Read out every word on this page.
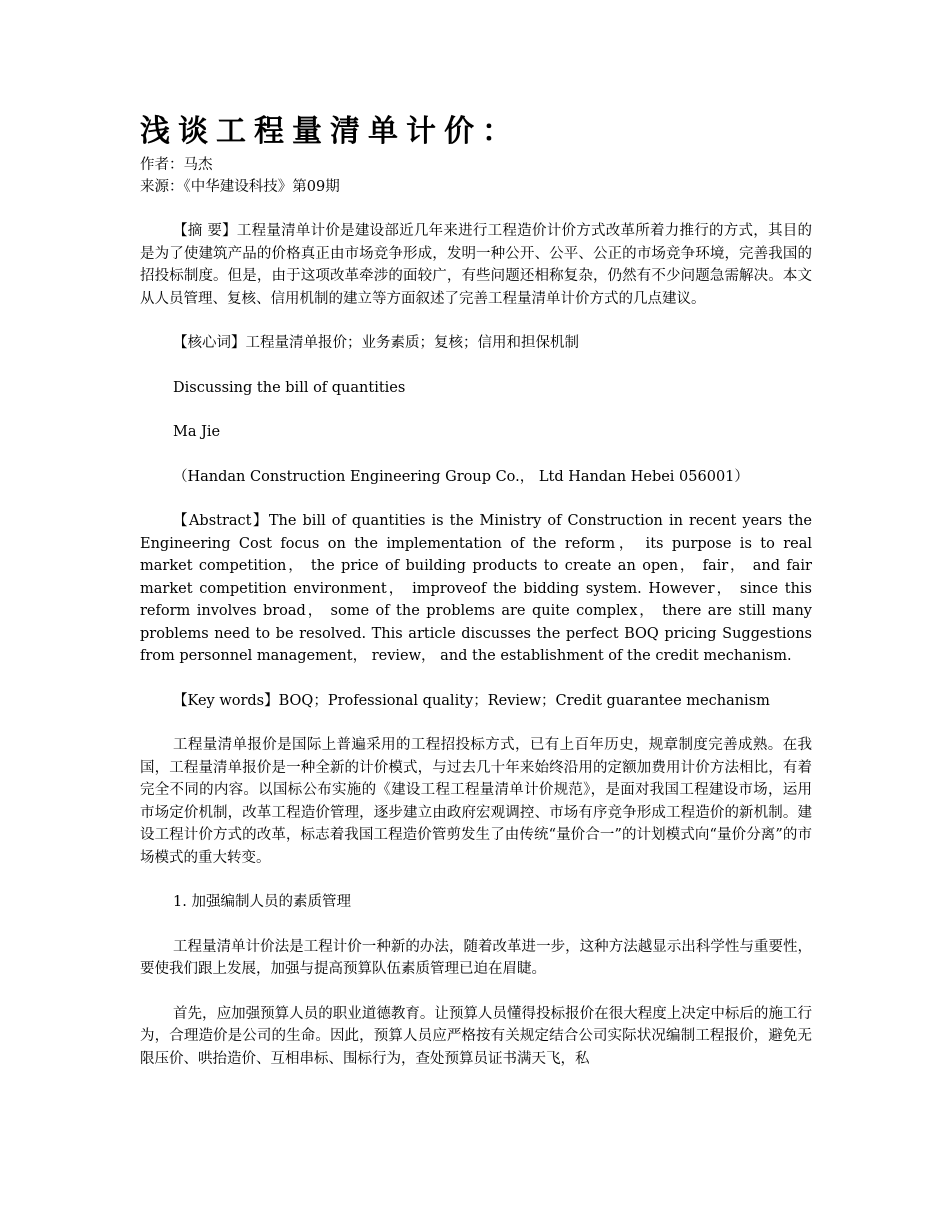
浅谈工程量清单计价：

作者：马杰

来源：《中华建设科技》第09期

【摘 要】工程量清单计价是建设部近几年来进行工程造价计价方式改革所着力推行的方式，其目的是为了使建筑产品的价格真正由市场竞争形成，发明一种公开、公平、公正的市场竞争环境，完善我国的招投标制度。但是，由于这项改革牵涉的面较广，有些问题还相称复杂，仍然有不少问题急需解决。本文从人员管理、复核、信用机制的建立等方面叙述了完善工程量清单计价方式的几点建议。

【核心词】工程量清单报价；业务素质；复核；信用和担保机制

Discussing the bill of quantities

Ma Jie

（Handan Construction Engineering Group Co.， Ltd Handan Hebei 056001）

【Abstract】The bill of quantities is the Ministry of Construction in recent years the Engineering Cost focus on the implementation of the reform， its purpose is to real market competition， the price of building products to create an open， fair， and fair market competition environment， improveof the bidding system. However， since this reform involves broad， some of the problems are quite complex， there are still many problems need to be resolved. This article discusses the perfect BOQ pricing Suggestions from personnel management， review， and the establishment of the credit mechanism.

【Key words】BOQ；Professional quality；Review；Credit guarantee mechanism

工程量清单报价是国际上普遍采用的工程招投标方式，已有上百年历史，规章制度完善成熟。在我国，工程量清单报价是一种全新的计价模式，与过去几十年来始终沿用的定额加费用计价方法相比，有着完全不同的内容。以国标公布实施的《建设工程工程量清单计价规范》，是面对我国工程建设市场，运用市场定价机制，改革工程造价管理，逐步建立由政府宏观调控、市场有序竞争形成工程造价的新机制。建设工程计价方式的改革，标志着我国工程造价管剪发生了由传统“量价合一”的计划模式向“量价分离”的市场模式的重大转变。

1. 加强编制人员的素质管理

工程量清单计价法是工程计价一种新的办法，随着改革进一步，这种方法越显示出科学性与重要性，要使我们跟上发展，加强与提高预算队伍素质管理已迫在眉睫。

首先，应加强预算人员的职业道德教育。让预算人员懂得投标报价在很大程度上决定中标后的施工行为，合理造价是公司的生命。因此，预算人员应严格按有关规定结合公司实际状况编制工程报价，避免无限压价、哄抬造价、互相串标、围标行为，查处预算员证书满天飞，私
